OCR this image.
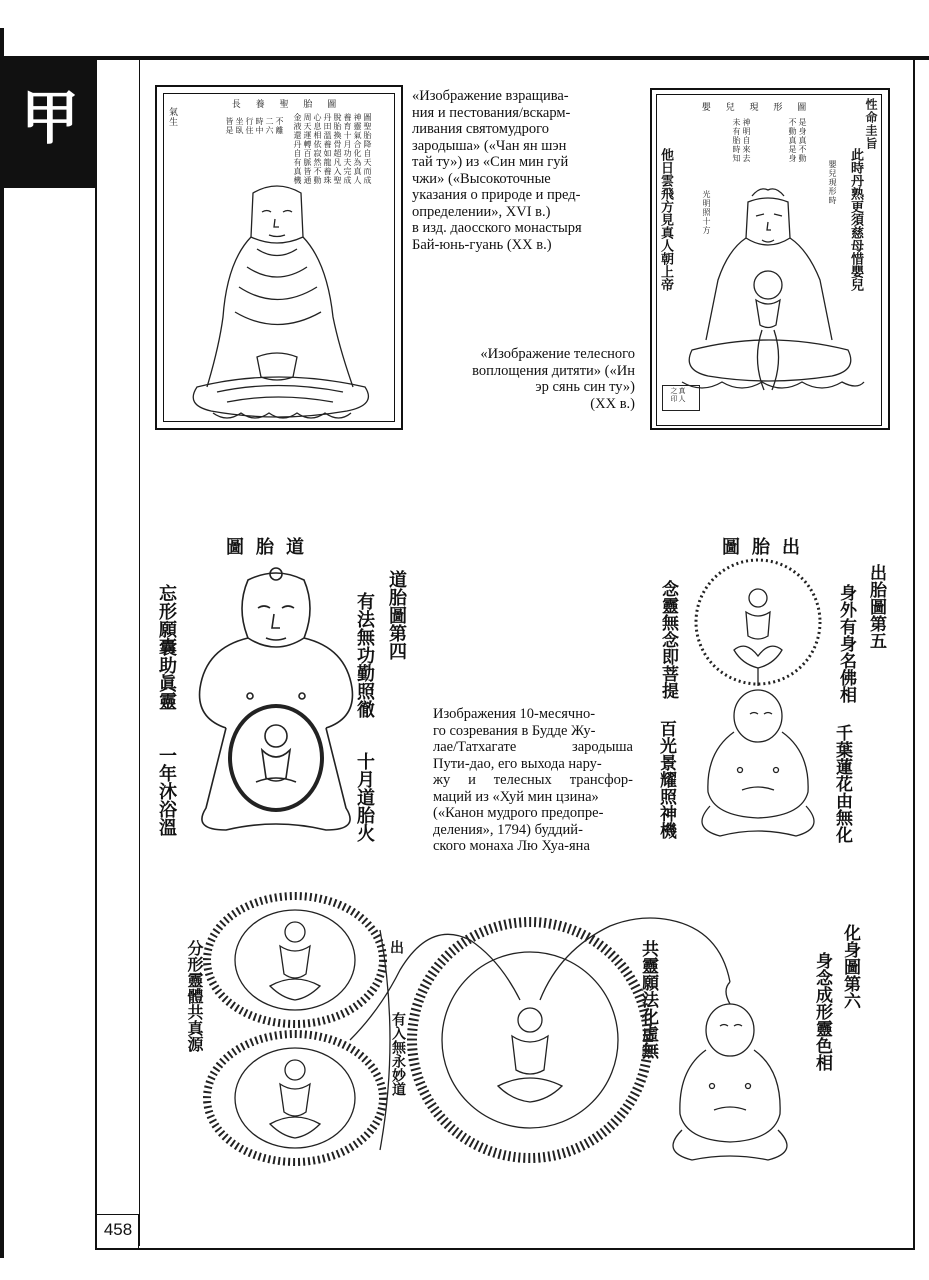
甲
458
長 養 聖 胎 圖
氣生	圖聖胎降自天而成
神靈氣合化為真人
養育十月功夫完成
脫胎換骨超凡入聖
丹田溫養如龍養珠
心息相依寂然不動
周天運轉百脈皆通
金液還丹自有真機
不離
二六
時中
行住
坐臥
皆是
«Изображение взращива-
ния и пестования/вскарм-
ливания святомудрого
зародыша» («Чан ян шэн
тай ту») из «Син мин гуй
чжи» («Высокоточные
указания о природе и пред-
определении», XVI в.)
в изд. даосского монастыря
Бай-юнь-гуань (XX в.)
«Изображение телесного
воплощения дитяти» («Ин
эр сянь син ту»)
(XX в.)
嬰 兒 現 形 圖	性命圭旨
此時丹熟更須慈母惜嬰兒
他日雲飛方見真人朝上帝
是身真不動
不動真是身
神明自來去
未有胎時知
嬰兒現形時
光明照十方
真人之印
圖胎道
道胎圖第四
有法無功勤照徹
十月道胎火
忘形願囊助眞靈
一年沐浴溫
圖胎出
出胎圖第五
身外有身名佛相
千葉蓮花由無化
念靈無念即菩提
百光景耀照神機
Изображения 10-месячно-
го созревания в Будде Жу-
лае/Татхагате зародыша
Пути-дао, его выхода нару-
жу и телесных трансфор-
маций из «Хуй мин цзина»
(«Канон мудрого предопре-
деления», 1794) буддий-
ского монаха Лю Хуа-яна
化身圖第六
身念成形靈色相
共靈願法化虛無
有入無永妙道
分形靈體共真源	出
